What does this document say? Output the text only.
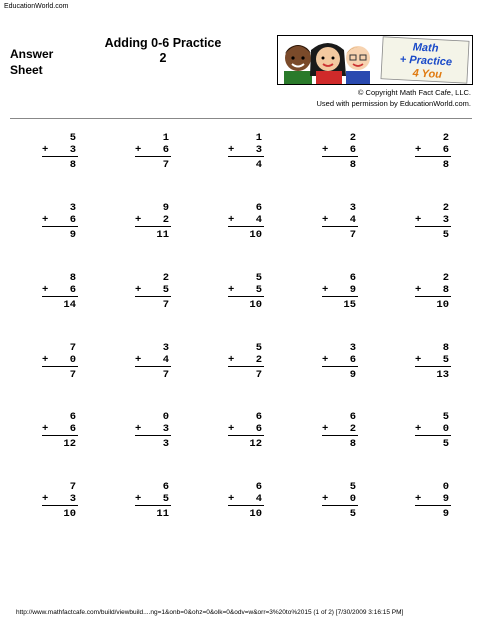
EducationWorld.com
Answer
Sheet
Adding 0-6 Practice
2
Math
+ Practice
4 You
© Copyright Math Fact Cafe, LLC.
Used with permission by EducationWorld.com.
5
+ 3
8
1
+ 6
7
1
+ 3
4
2
+ 6
8
2
+ 6
8
3
+ 6
9
9
+ 2
11
6
+ 4
10
3
+ 4
7
2
+ 3
5
8
+ 6
14
2
+ 5
7
5
+ 5
10
6
+ 9
15
2
+ 8
10
7
+ 0
7
3
+ 4
7
5
+ 2
7
3
+ 6
9
8
+ 5
13
6
+ 6
12
0
+ 3
3
6
+ 6
12
6
+ 2
8
5
+ 0
5
7
+ 3
10
6
+ 5
11
6
+ 4
10
5
+ 0
5
0
+ 9
9
http://www.mathfactcafe.com/build/viewbuild....ng=1&onb=0&ohz=0&olk=0&odv=w&orr=3%20to%2015 (1 of 2) [7/30/2009 3:16:15 PM]
